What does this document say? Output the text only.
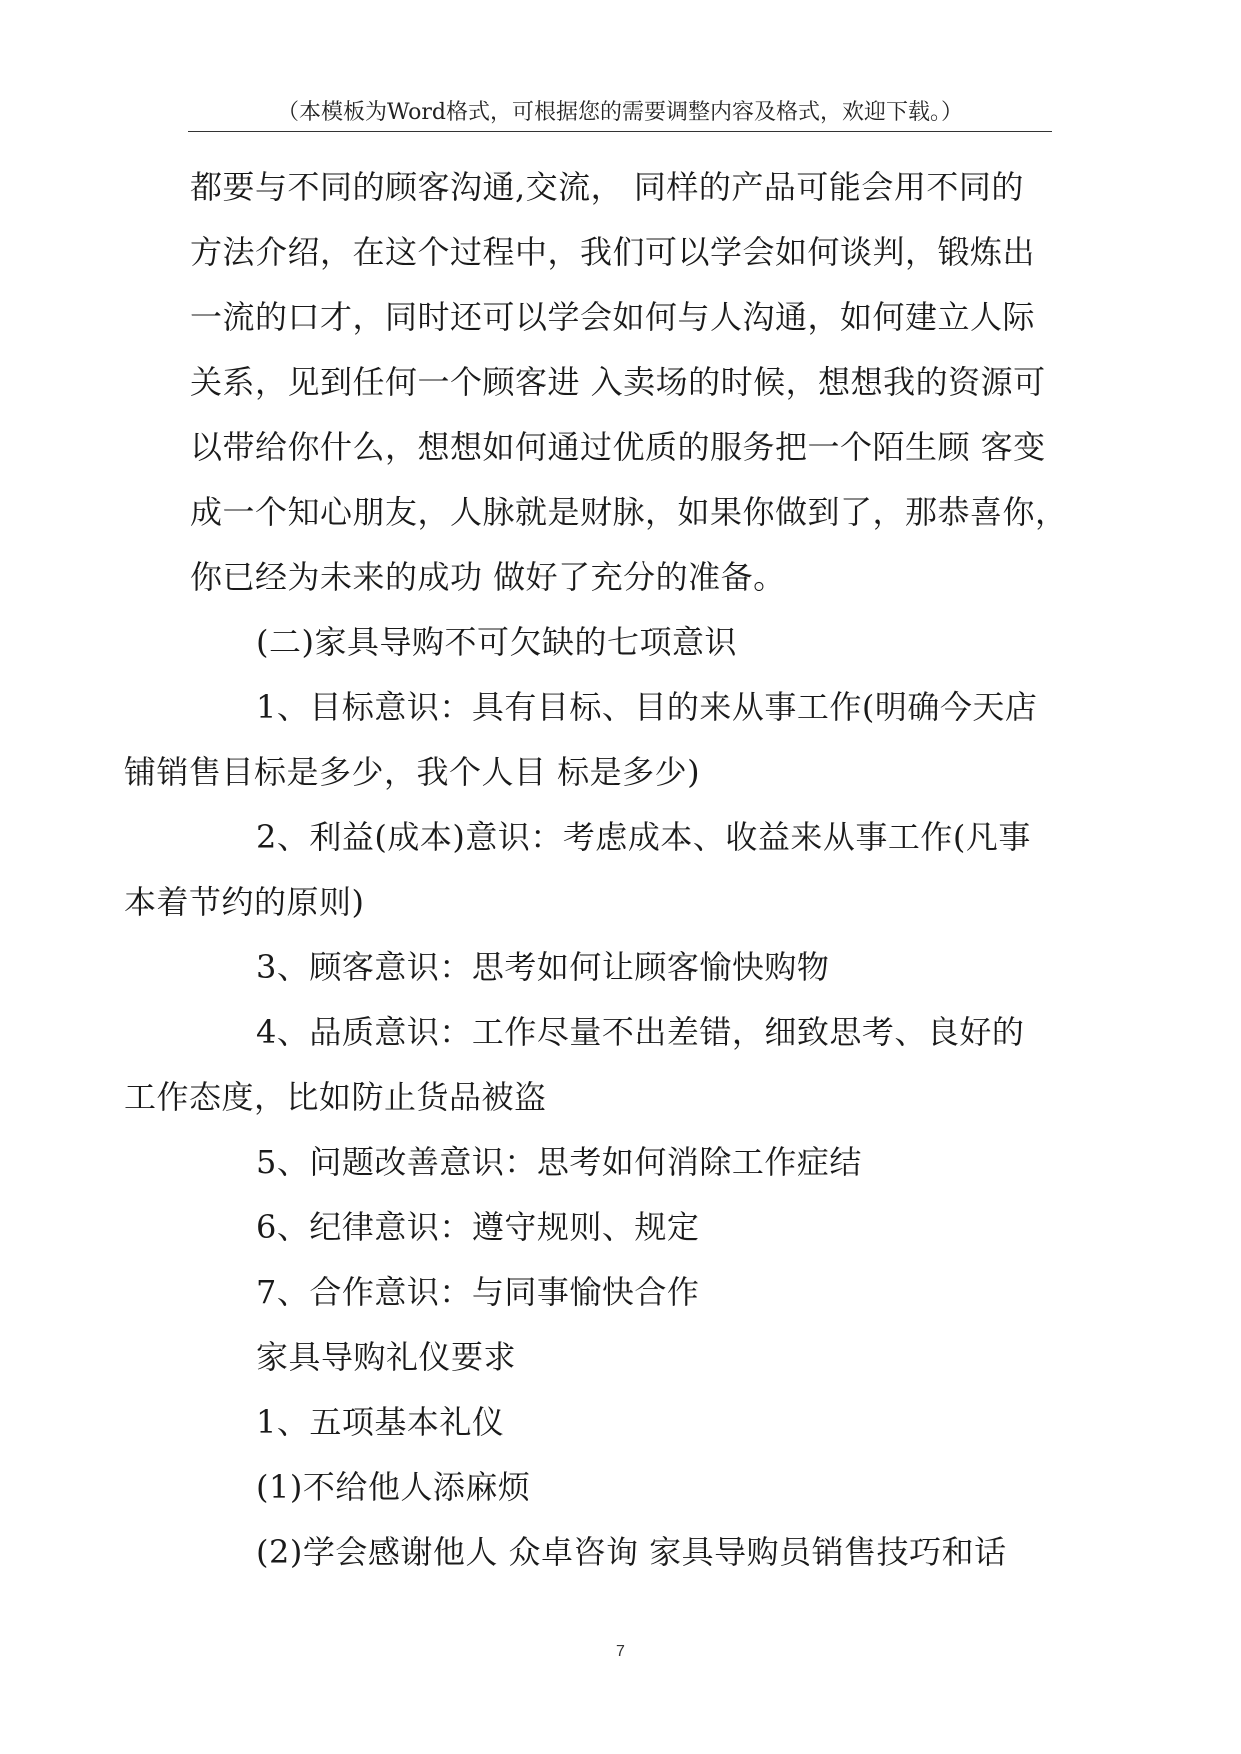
（本模板为Word格式，可根据您的需要调整内容及格式，欢迎下载。）

都要与不同的顾客沟通,交流， 同样的产品可能会用不同的
方法介绍，在这个过程中，我们可以学会如何谈判，锻炼出
一流的口才，同时还可以学会如何与人沟通，如何建立人际
关系，见到任何一个顾客进 入卖场的时候，想想我的资源可
以带给你什么，想想如何通过优质的服务把一个陌生顾 客变
成一个知心朋友，人脉就是财脉，如果你做到了，那恭喜你，
你已经为未来的成功 做好了充分的准备。

(二)家具导购不可欠缺的七项意识

1、目标意识：具有目标、目的来从事工作(明确今天店
铺销售目标是多少，我个人目 标是多少)

2、利益(成本)意识：考虑成本、收益来从事工作(凡事
本着节约的原则)

3、顾客意识：思考如何让顾客愉快购物

4、品质意识：工作尽量不出差错，细致思考、良好的
工作态度，比如防止货品被盗

5、问题改善意识：思考如何消除工作症结

6、纪律意识：遵守规则、规定

7、合作意识：与同事愉快合作

家具导购礼仪要求

1、五项基本礼仪

(1)不给他人添麻烦

(2)学会感谢他人 众卓咨询 家具导购员销售技巧和话

7
